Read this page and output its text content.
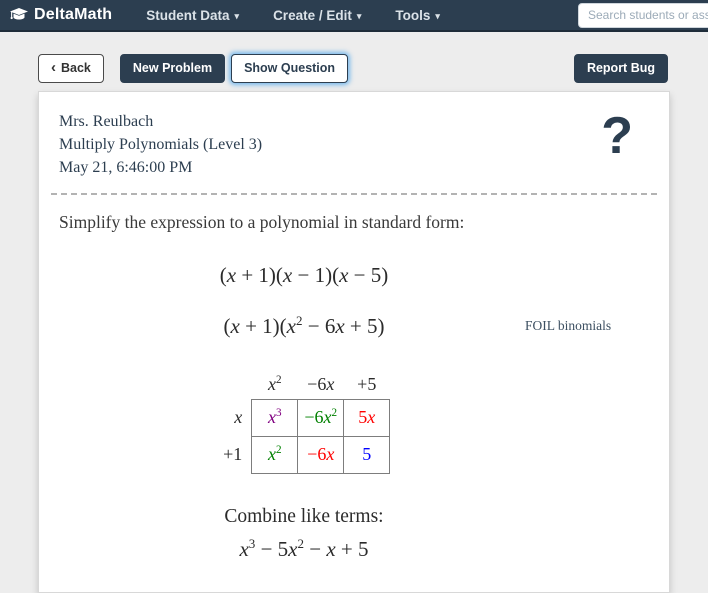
DeltaMath	Student Data ▾	Create / Edit ▾	Tools ▾
Search students or assignments
‹ Back	New Problem	Show Question	Report Bug
Mrs. Reulbach
Multiply Polynomials (Level 3)
May 21, 6:46:00 PM
?
Simplify the expression to a polynomial in standard form:
(x + 1)(x − 1)(x − 5)
$(x + 1)(x^2 - 6x + 5)$	FOIL binomials
	$x^2$	−6x	+5
x	$x^3$	$-6x^2$	5x
+1	$x^2$	−6x	5
Combine like terms:
$x^3 - 5x^2 - x + 5$
